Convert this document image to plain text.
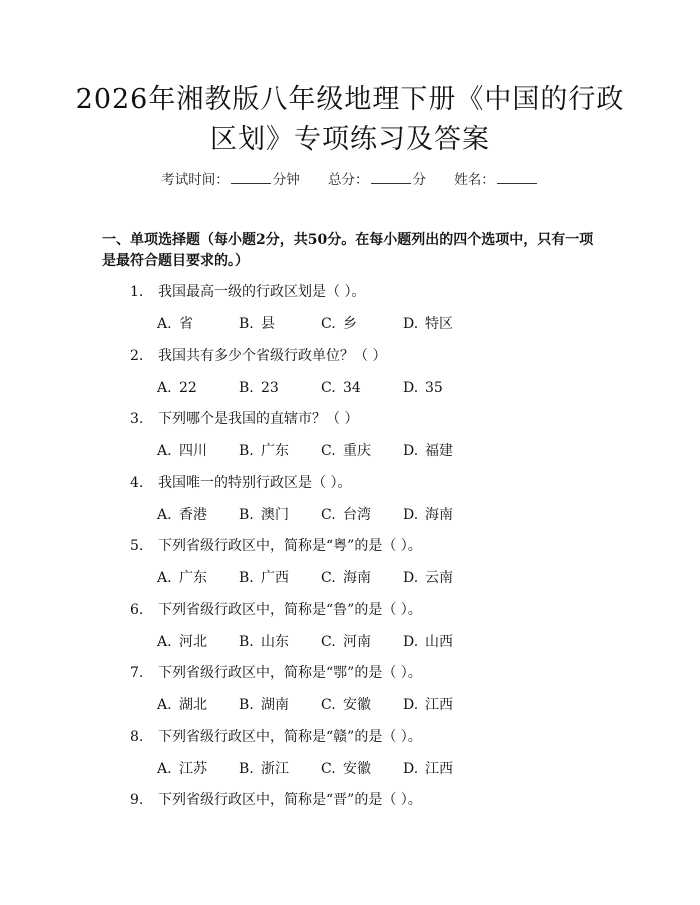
2026年湘教版八年级地理下册《中国的行政
区划》专项练习及答案
考试时间：	分钟 总分：	分 姓名：
一、单项选择题（每小题2分，共50分。在每小题列出的四个选项中，只有一项
是最符合题目要求的。）
1. 我国最高一级的行政区划是（ ）。
A. 省	B. 县	C. 乡	D. 特区
2. 我国共有多少个省级行政单位？（ ）
A. 22	B. 23	C. 34	D. 35
3. 下列哪个是我国的直辖市？（ ）
A. 四川 B. 广东 C. 重庆 D. 福建
4. 我国唯一的特别行政区是（ ）。
A. 香港 B. 澳门 C. 台湾 D. 海南
5. 下列省级行政区中，简称是“粤”的是（ ）。
A. 广东 B. 广西 C. 海南 D. 云南
6. 下列省级行政区中，简称是“鲁”的是（ ）。
A. 河北 B. 山东 C. 河南 D. 山西
7. 下列省级行政区中，简称是“鄂”的是（ ）。
A. 湖北 B. 湖南 C. 安徽 D. 江西
8. 下列省级行政区中，简称是“赣”的是（ ）。
A. 江苏 B. 浙江 C. 安徽 D. 江西
9. 下列省级行政区中，简称是“晋”的是（ ）。
